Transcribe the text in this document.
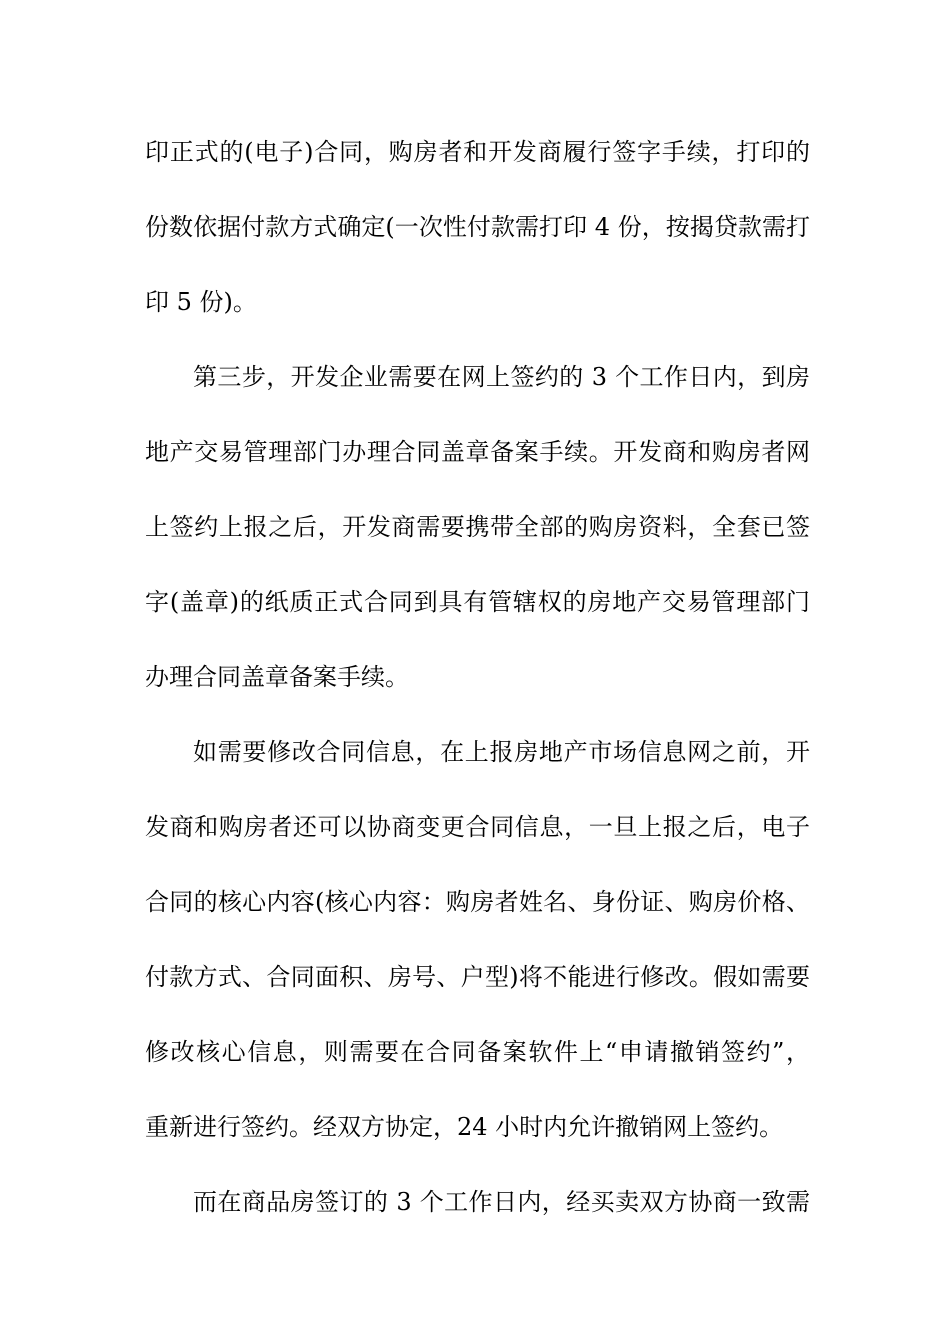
印正式的(电子)合同，购房者和开发商履行签字手续，打印的
份数依据付款方式确定(一次性付款需打印 4 份，按揭贷款需打
印 5 份)。
第三步，开发企业需要在网上签约的 3 个工作日内，到房
地产交易管理部门办理合同盖章备案手续。开发商和购房者网
上签约上报之后，开发商需要携带全部的购房资料，全套已签
字(盖章)的纸质正式合同到具有管辖权的房地产交易管理部门
办理合同盖章备案手续。
如需要修改合同信息，在上报房地产市场信息网之前，开
发商和购房者还可以协商变更合同信息，一旦上报之后，电子
合同的核心内容(核心内容：购房者姓名、身份证、购房价格、
付款方式、合同面积、房号、户型)将不能进行修改。假如需要
修改核心信息，则需要在合同备案软件上“申请撤销签约”，
重新进行签约。经双方协定，24 小时内允许撤销网上签约。
而在商品房签订的 3 个工作日内，经买卖双方协商一致需
